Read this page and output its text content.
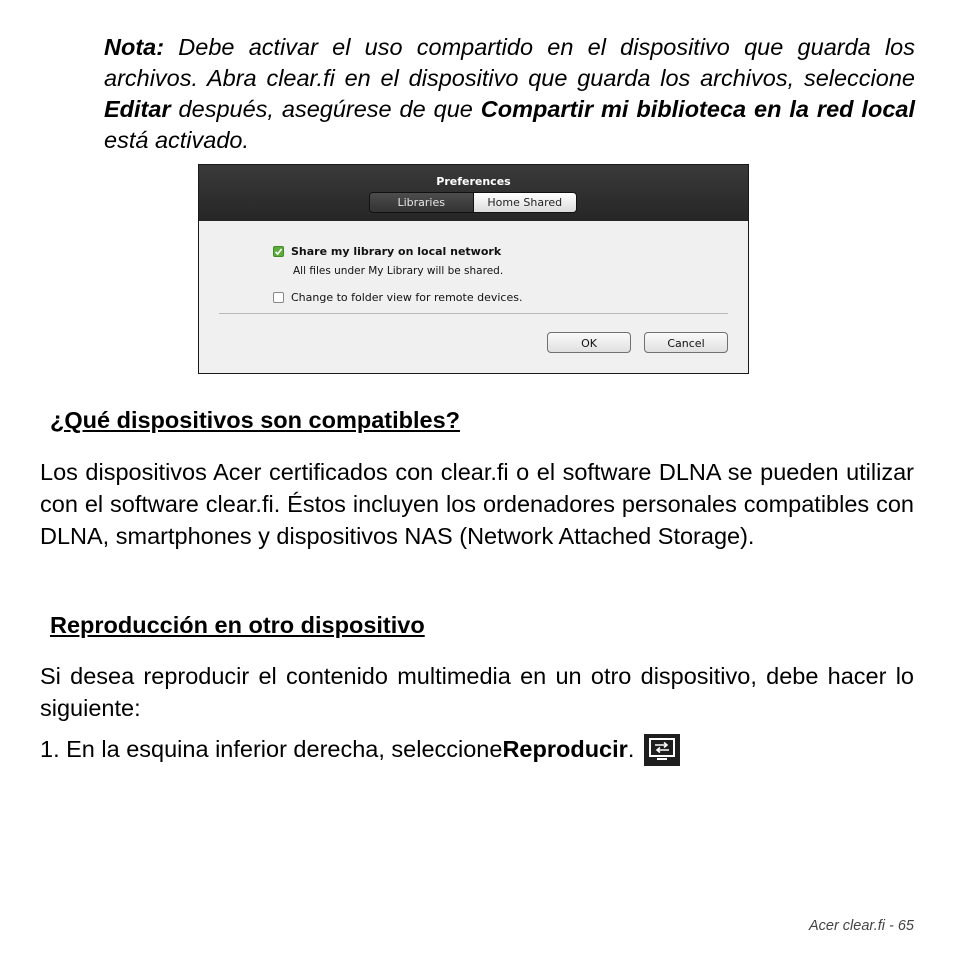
Nota: Debe activar el uso compartido en el dispositivo que guarda los archivos. Abra clear.fi en el dispositivo que guarda los archivos, seleccione Editar después, asegúrese de que Compartir mi biblioteca en la red local está activado.

Preferences
Libraries	Home Shared
Share my library on local network
All files under My Library will be shared.
Change to folder view for remote devices.
OK	Cancel
¿Qué dispositivos son compatibles?

Los dispositivos Acer certificados con clear.fi o el software DLNA se pueden utilizar con el software clear.fi. Éstos incluyen los ordenadores personales compatibles con DLNA, smartphones y dispositivos NAS (Network Attached Storage).

Reproducción en otro dispositivo

Si desea reproducir el contenido multimedia en un otro dispositivo, debe hacer lo siguiente:

1. En la esquina inferior derecha, seleccione Reproducir .

Acer clear.fi - 65
